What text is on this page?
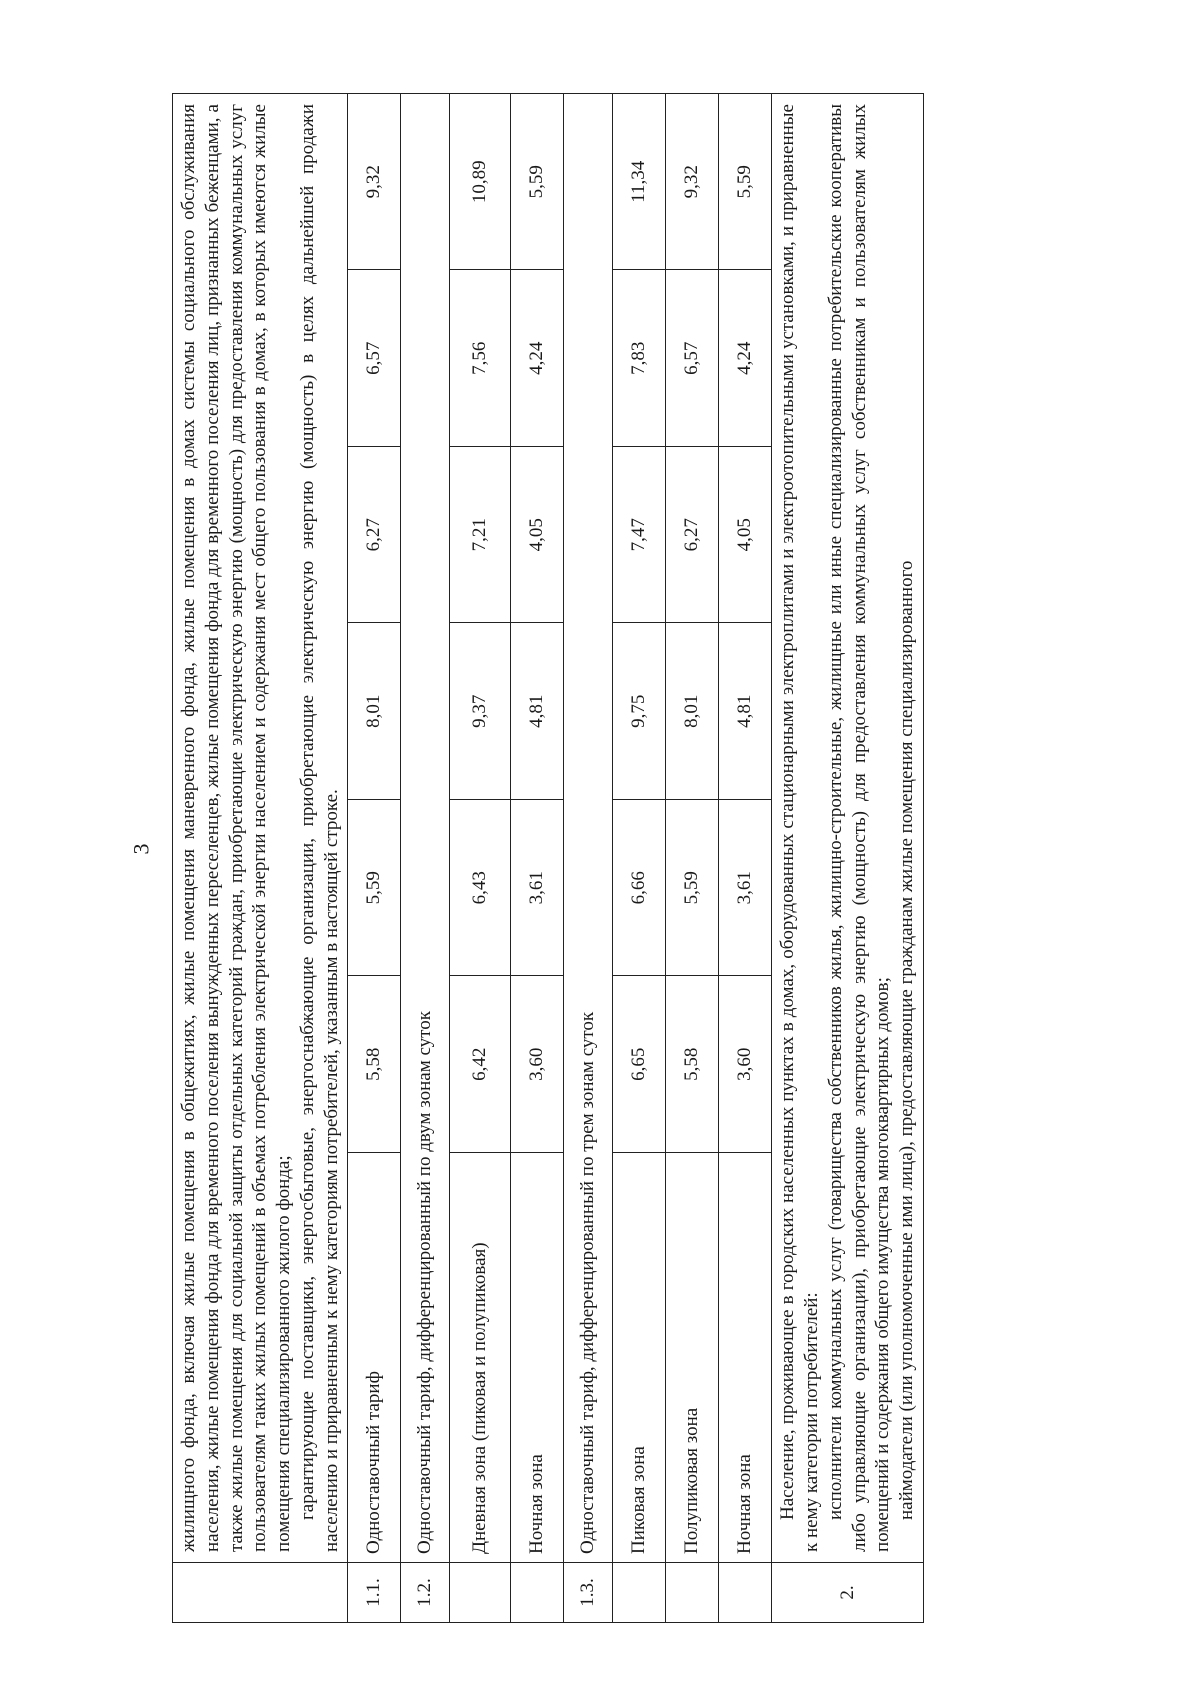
3

	жилищного фонда, включая жилые помещения в общежитиях, жилые помещения маневренного фонда, жилые помещения в домах системы социального обслуживания населения, жилые помещения фонда для временного поселения вынужденных переселенцев, жилые помещения фонда для временного поселения лиц, признанных беженцами, а также жилые помещения для социальной защиты отдельных категорий граждан, приобретающие электрическую энергию (мощность) для предоставления коммунальных услуг пользователям таких жилых помещений в объемах потребления электрической энергии населением и содержания мест общего пользования в домах, в которых имеются жилые помещения специализированного жилого фонда; гарантирующие поставщики, энергосбытовые, энергоснабжающие организации, приобретающие электрическую энергию (мощность) в целях дальнейшей продажи населению и приравненным к нему категориям потребителей, указанным в настоящей строке.						

1.1.	Одноставочный тариф	5,58	5,59	8,01	6,27	6,57	9,32
1.2.	Одноставочный тариф, дифференцированный по двум зонам суток						
	Дневная зона (пиковая и полупиковая)	6,42	6,43	9,37	7,21	7,56	10,89
	Ночная зона	3,60	3,61	4,81	4,05	4,24	5,59
1.3.	Одноставочный тариф, дифференцированный по трем зонам суток						
	Пиковая зона	6,65	6,66	9,75	7,47	7,83	11,34
	Полупиковая зона	5,58	5,59	8,01	6,27	6,57	9,32
	Ночная зона	3,60	3,61	4,81	4,05	4,24	5,59
2.	Население, проживающее в городских населенных пунктах в домах, оборудованных стационарными электроплитами и электроотопительными установками, и приравненные к нему категории потребителей: исполнители коммунальных услуг (товарищества собственников жилья, жилищно-строительные, жилищные или иные специализированные потребительские кооперативы либо управляющие организации), приобретающие электрическую энергию (мощность) для предоставления коммунальных услуг собственникам и пользователям жилых помещений и содержания общего имущества многоквартирных домов; наймодатели (или уполномоченные ими лица), предоставляющие гражданам жилые помещения специализированного						
